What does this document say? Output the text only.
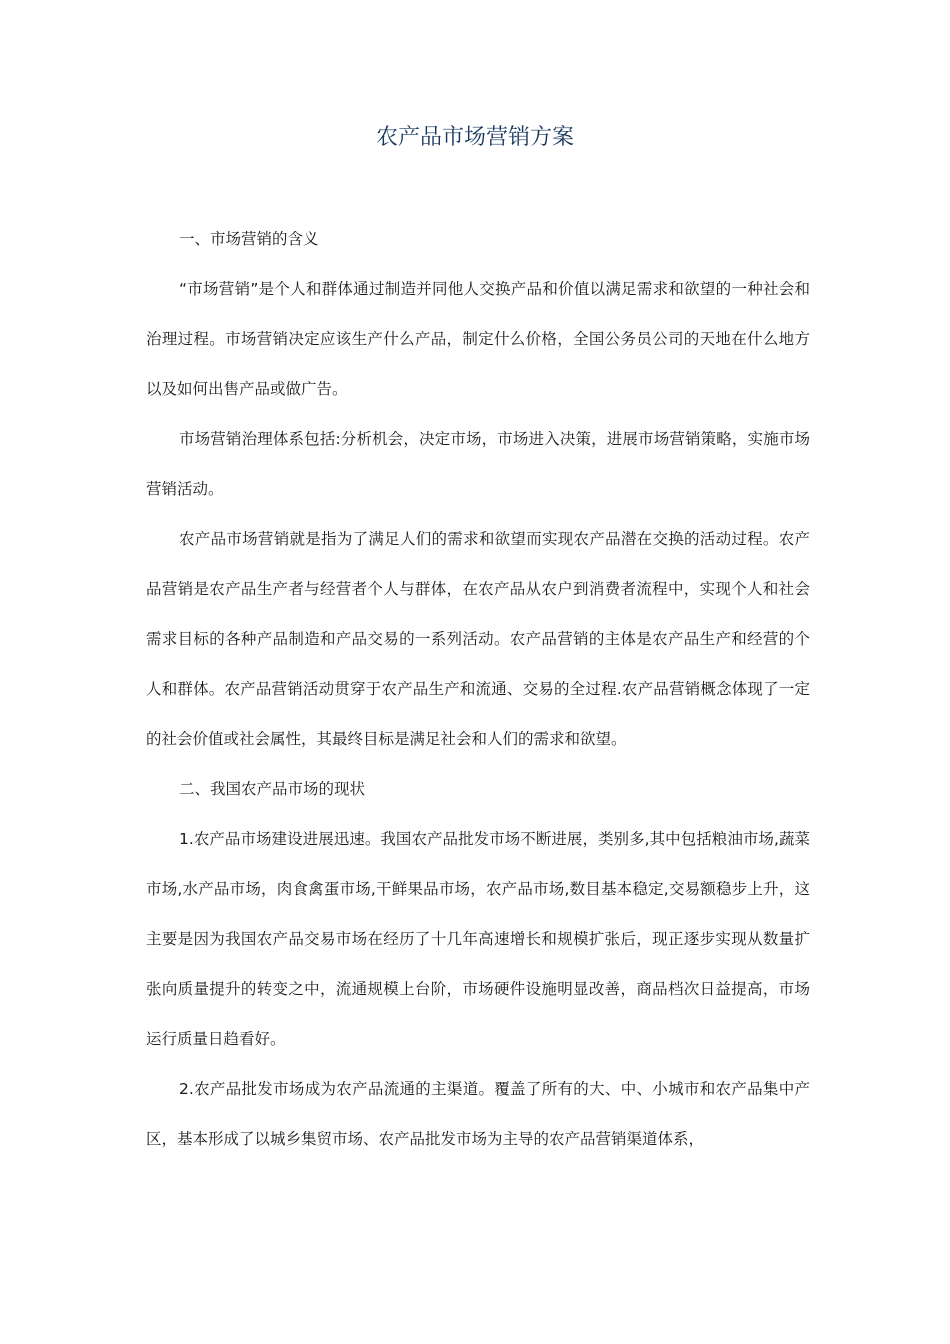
农产品市场营销方案

一、市场营销的含义

“市场营销”是个人和群体通过制造并同他人交换产品和价值以满足需求和欲望的一种社会和治理过程。市场营销决定应该生产什么产品，制定什么价格，全国公务员公司的天地在什么地方以及如何出售产品或做广告。

市场营销治理体系包括:分析机会，决定市场，市场进入决策，进展市场营销策略，实施市场营销活动。

农产品市场营销就是指为了满足人们的需求和欲望而实现农产品潜在交换的活动过程。农产品营销是农产品生产者与经营者个人与群体，在农产品从农户到消费者流程中，实现个人和社会需求目标的各种产品制造和产品交易的一系列活动。农产品营销的主体是农产品生产和经营的个人和群体。农产品营销活动贯穿于农产品生产和流通、交易的全过程.农产品营销概念体现了一定的社会价值或社会属性，其最终目标是满足社会和人们的需求和欲望。

二、我国农产品市场的现状

1.农产品市场建设进展迅速。我国农产品批发市场不断进展，类别多,其中包括粮油市场,蔬菜市场,水产品市场，肉食禽蛋市场,干鲜果品市场，农产品市场,数目基本稳定,交易额稳步上升，这主要是因为我国农产品交易市场在经历了十几年高速增长和规模扩张后，现正逐步实现从数量扩张向质量提升的转变之中，流通规模上台阶，市场硬件设施明显改善，商品档次日益提高，市场运行质量日趋看好。

2.农产品批发市场成为农产品流通的主渠道。覆盖了所有的大、中、小城市和农产品集中产区，基本形成了以城乡集贸市场、农产品批发市场为主导的农产品营销渠道体系，
